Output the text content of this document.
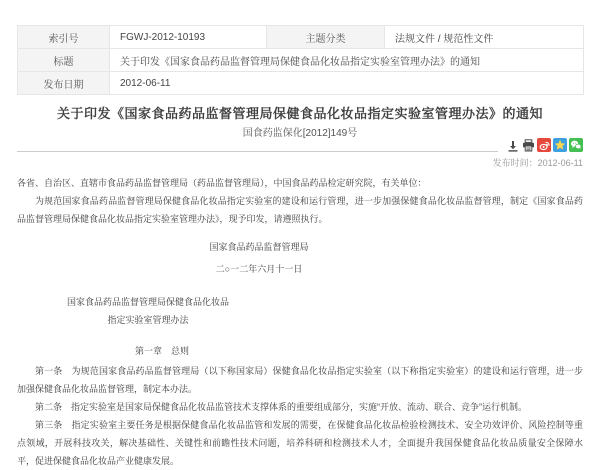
索引号	FGWJ-2012-10193	主题分类	法规文件 / 规范性文件
标题	关于印发《国家食品药品监督管理局保健食品化妆品指定实验室管理办法》的通知		
发布日期	2012-06-11		
关于印发《国家食品药品监督管理局保健食品化妆品指定实验室管理办法》的通知
国食药监保化[2012]149号
发布时间：2012-06-11

各省、自治区、直辖市食品药品监督管理局（药品监督管理局），中国食品药品检定研究院，有关单位：

为规范国家食品药品监督管理局保健食品化妆品指定实验室的建设和运行管理，进一步加强保健食品化妆品监督管理，制定《国家食品药品监督管理局保健食品化妆品指定实验室管理办法》，现予印发，请遵照执行。

国家食品药品监督管理局
二○一二年六月十一日
国家食品药品监督管理局保健食品化妆品
指定实验室管理办法
第一章　总则

第一条　为规范国家食品药品监督管理局（以下称国家局）保健食品化妆品指定实验室（以下称指定实验室）的建设和运行管理，进一步加强保健食品化妆品监督管理，制定本办法。

第二条　指定实验室是国家局保健食品化妆品监管技术支撑体系的重要组成部分，实施“开放、流动、联合、竞争”运行机制。

第三条　指定实验室主要任务是根据保健食品化妆品监管和发展的需要，在保健食品化妆品检验检测技术、安全功效评价、风险控制等重点领域，开展科技攻关，解决基础性、关键性和前瞻性技术问题，培养科研和检测技术人才，全面提升我国保健食品化妆品质量安全保障水平，促进保健食品化妆品产业健康发展。
